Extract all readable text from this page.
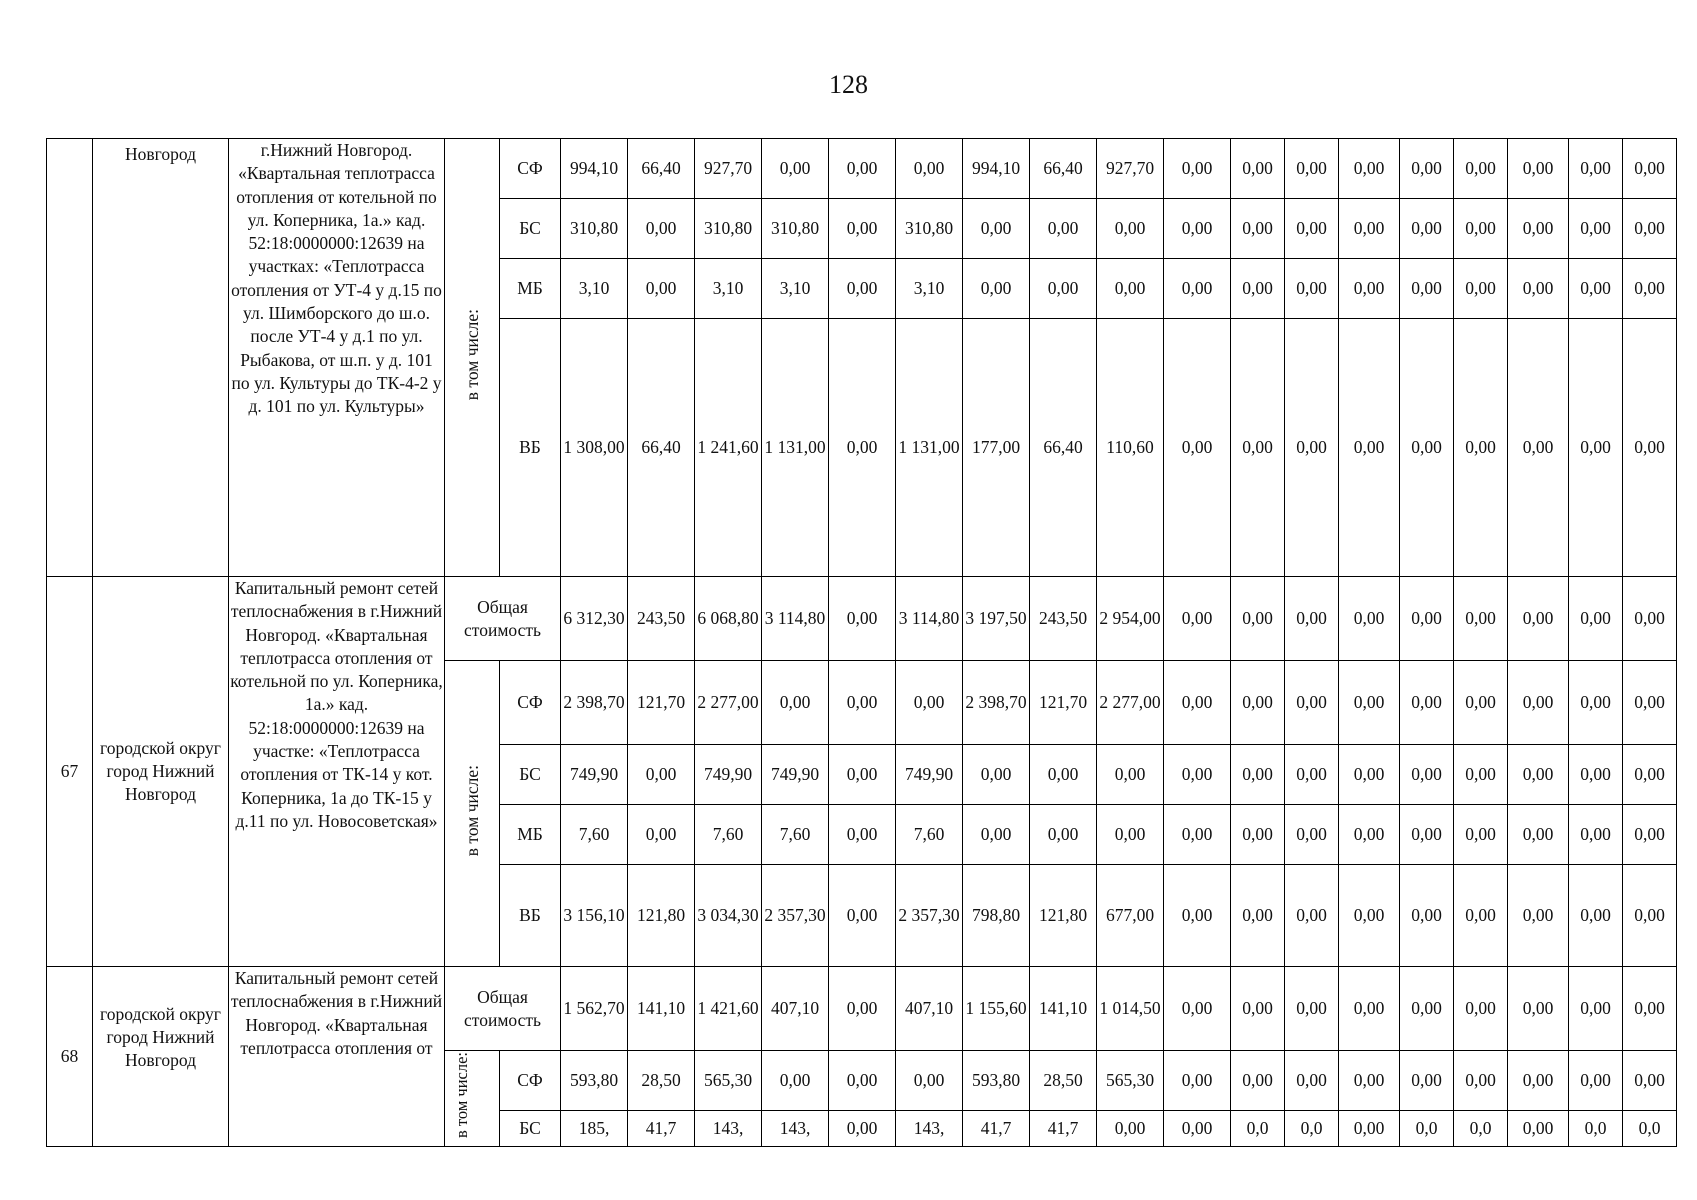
128
	Новгород	г.Нижний Новгород. «Квартальная теплотрасса отопления от котельной по ул. Коперника, 1а.» кад. 52:18:0000000:12639 на участках: «Теплотрасса отопления от УТ-4 у д.15 по ул. Шимборского до ш.о. после УТ-4 у д.1 по ул. Рыбакова, от ш.п. у д. 101 по ул. Культуры до ТК-4-2 у д. 101 по ул. Культуры»	в том числе:	СФ	994,10	66,40	927,70	0,00	0,00	0,00	994,10	66,40	927,70	0,00	0,00	0,00	0,00	0,00	0,00	0,00	0,00	0,00
				БС	310,80	0,00	310,80	310,80	0,00	310,80	0,00	0,00	0,00	0,00	0,00	0,00	0,00	0,00	0,00	0,00	0,00	0,00
				МБ	3,10	0,00	3,10	3,10	0,00	3,10	0,00	0,00	0,00	0,00	0,00	0,00	0,00	0,00	0,00	0,00	0,00	0,00
				ВБ	1 308,00	66,40	1 241,60	1 131,00	0,00	1 131,00	177,00	66,40	110,60	0,00	0,00	0,00	0,00	0,00	0,00	0,00	0,00	0,00
67	городской округ город Нижний Новгород	Капитальный ремонт сетей теплоснабжения в г.Нижний Новгород. «Квартальная теплотрасса отопления от котельной по ул. Коперника, 1а.» кад. 52:18:0000000:12639 на участке: «Теплотрасса отопления от ТК-14 у кот. Коперника, 1а до ТК-15 у д.11 по ул. Новосоветская»	Общая стоимость		6 312,30	243,50	6 068,80	3 114,80	0,00	3 114,80	3 197,50	243,50	2 954,00	0,00	0,00	0,00	0,00	0,00	0,00	0,00	0,00	0,00
			в том числе:	СФ	2 398,70	121,70	2 277,00	0,00	0,00	0,00	2 398,70	121,70	2 277,00	0,00	0,00	0,00	0,00	0,00	0,00	0,00	0,00	0,00
				БС	749,90	0,00	749,90	749,90	0,00	749,90	0,00	0,00	0,00	0,00	0,00	0,00	0,00	0,00	0,00	0,00	0,00	0,00
				МБ	7,60	0,00	7,60	7,60	0,00	7,60	0,00	0,00	0,00	0,00	0,00	0,00	0,00	0,00	0,00	0,00	0,00	0,00
				ВБ	3 156,10	121,80	3 034,30	2 357,30	0,00	2 357,30	798,80	121,80	677,00	0,00	0,00	0,00	0,00	0,00	0,00	0,00	0,00	0,00
68	городской округ город Нижний Новгород	Капитальный ремонт сетей теплоснабжения в г.Нижний Новгород. «Квартальная теплотрасса отопления от	Общая стоимость		1 562,70	141,10	1 421,60	407,10	0,00	407,10	1 155,60	141,10	1 014,50	0,00	0,00	0,00	0,00	0,00	0,00	0,00	0,00	0,00
			в том числе:	СФ	593,80	28,50	565,30	0,00	0,00	0,00	593,80	28,50	565,30	0,00	0,00	0,00	0,00	0,00	0,00	0,00	0,00	0,00
				БС	185,	41,7	143,	143,	0,00	143,	41,7	41,7	0,00	0,00	0,0	0,0	0,00	0,0	0,0	0,00	0,0	0,0
